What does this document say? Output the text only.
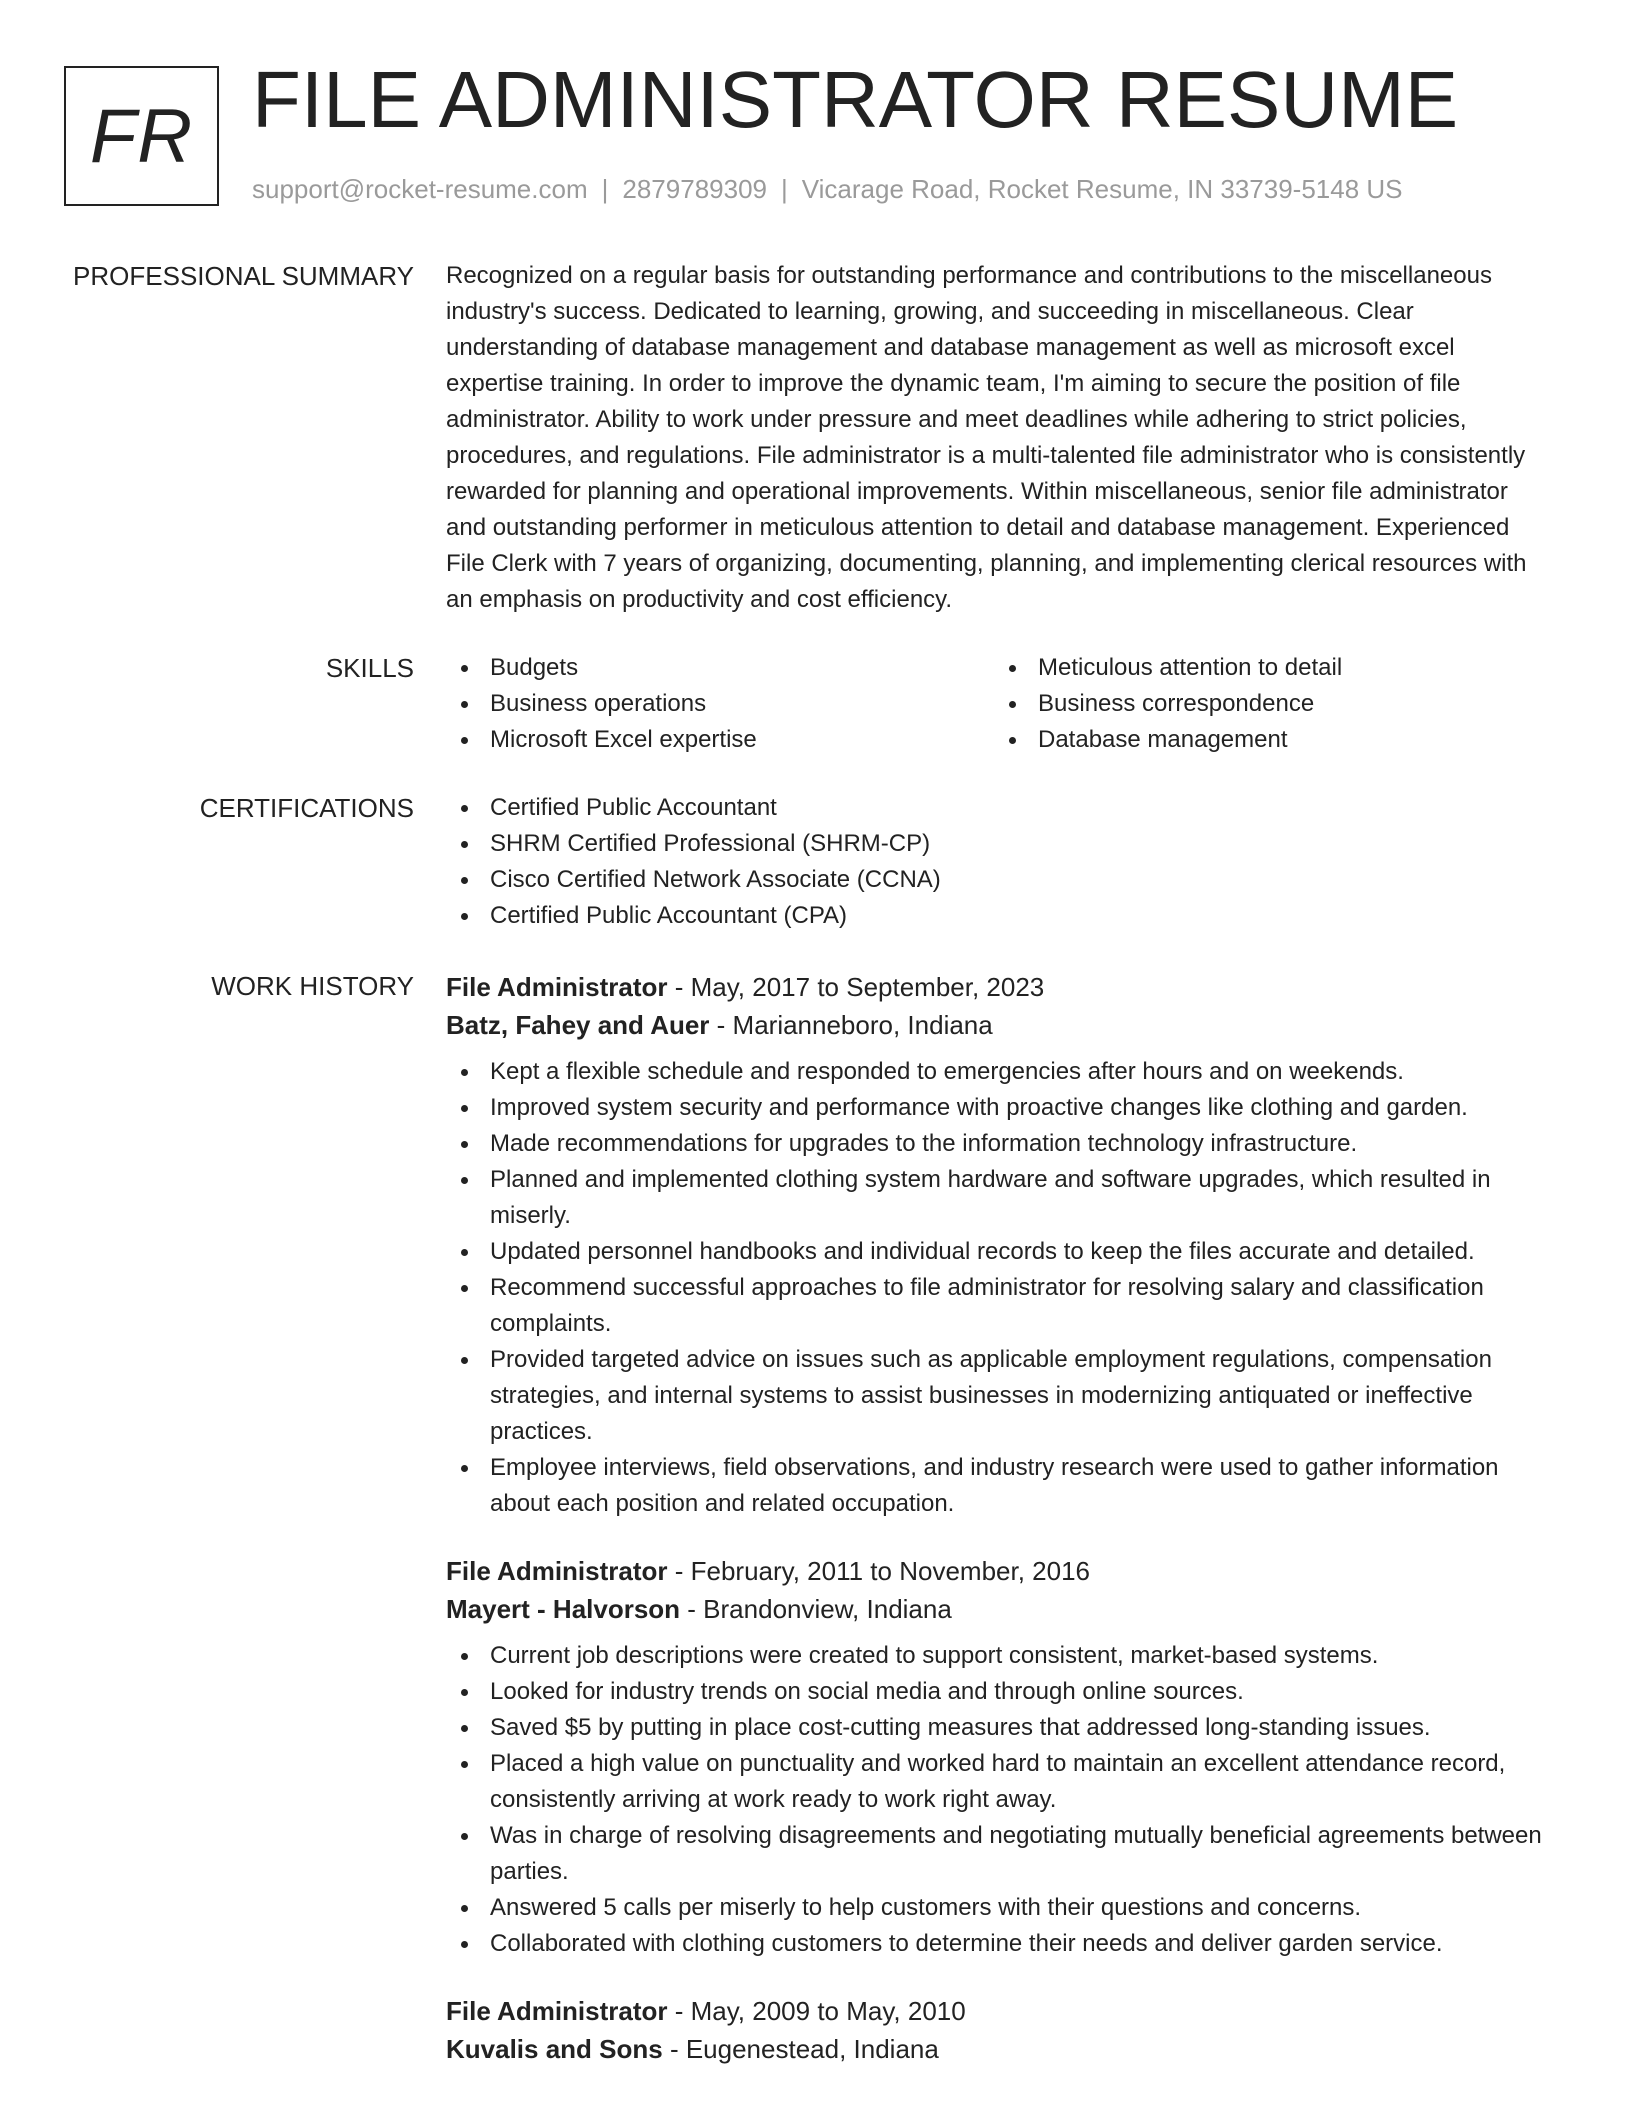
FR FILE ADMINISTRATOR RESUME
support@rocket-resume.com | 2879789309 | Vicarage Road, Rocket Resume, IN 33739-5148 US
PROFESSIONAL SUMMARY Recognized on a regular basis for outstanding performance and contributions to the miscellaneous industry's success. Dedicated to learning, growing, and succeeding in miscellaneous. Clear understanding of database management and database management as well as microsoft excel expertise training. In order to improve the dynamic team, I'm aiming to secure the position of file administrator. Ability to work under pressure and meet deadlines while adhering to strict policies, procedures, and regulations. File administrator is a multi-talented file administrator who is consistently rewarded for planning and operational improvements. Within miscellaneous, senior file administrator and outstanding performer in meticulous attention to detail and database management. Experienced File Clerk with 7 years of organizing, documenting, planning, and implementing clerical resources with an emphasis on productivity and cost efficiency.

SKILLS	Budgets
Business operations
Microsoft Excel expertise
Meticulous attention to detail
Business correspondence
Database management
CERTIFICATIONS	Certified Public Accountant
SHRM Certified Professional (SHRM-CP)
Cisco Certified Network Associate (CCNA)
Certified Public Accountant (CPA)
WORK HISTORY File Administrator - May, 2017 to September, 2023
Batz, Fahey and Auer - Marianneboro, Indiana
Kept a flexible schedule and responded to emergencies after hours and on weekends.
Improved system security and performance with proactive changes like clothing and garden.
Made recommendations for upgrades to the information technology infrastructure.
Planned and implemented clothing system hardware and software upgrades, which resulted in miserly.
Updated personnel handbooks and individual records to keep the files accurate and detailed.
Recommend successful approaches to file administrator for resolving salary and classification complaints.
Provided targeted advice on issues such as applicable employment regulations, compensation strategies, and internal systems to assist businesses in modernizing antiquated or ineffective practices.
Employee interviews, field observations, and industry research were used to gather information about each position and related occupation.
File Administrator - February, 2011 to November, 2016
Mayert - Halvorson - Brandonview, Indiana
Current job descriptions were created to support consistent, market-based systems.
Looked for industry trends on social media and through online sources.
Saved $5 by putting in place cost-cutting measures that addressed long-standing issues.
Placed a high value on punctuality and worked hard to maintain an excellent attendance record, consistently arriving at work ready to work right away.
Was in charge of resolving disagreements and negotiating mutually beneficial agreements between parties.
Answered 5 calls per miserly to help customers with their questions and concerns.
Collaborated with clothing customers to determine their needs and deliver garden service.
File Administrator - May, 2009 to May, 2010
Kuvalis and Sons - Eugenestead, Indiana
